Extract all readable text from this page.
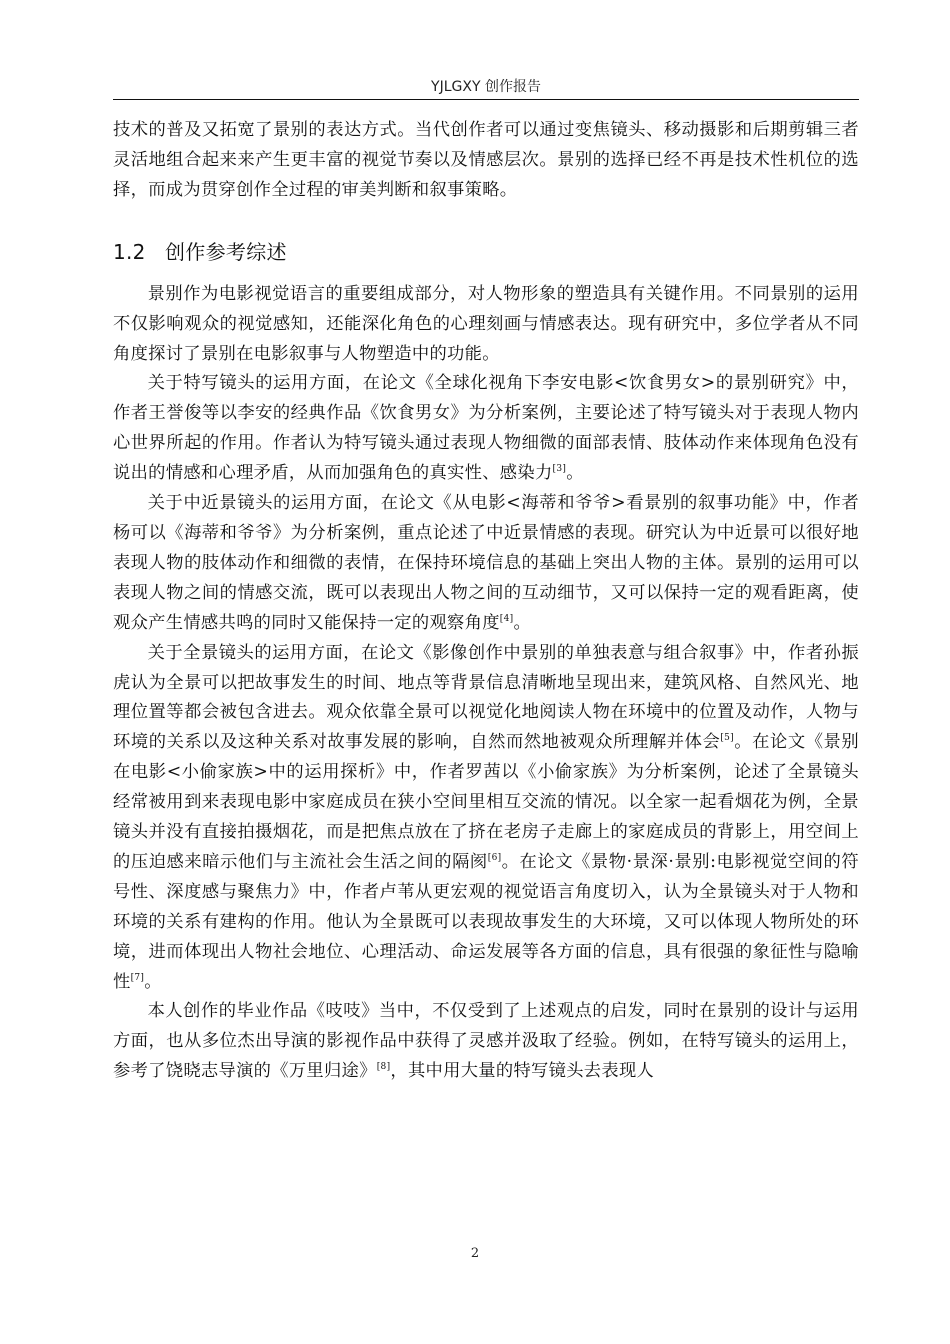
YJLGXY 创作报告

技术的普及又拓宽了景别的表达方式。当代创作者可以通过变焦镜头、移动摄影和后期剪辑三者灵活地组合起来来产生更丰富的视觉节奏以及情感层次。景别的选择已经不再是技术性机位的选择，而成为贯穿创作全过程的审美判断和叙事策略。

1.2 创作参考综述

景别作为电影视觉语言的重要组成部分，对人物形象的塑造具有关键作用。不同景别的运用不仅影响观众的视觉感知，还能深化角色的心理刻画与情感表达。现有研究中，多位学者从不同角度探讨了景别在电影叙事与人物塑造中的功能。

关于特写镜头的运用方面，在论文《全球化视角下李安电影<饮食男女>的景别研究》中，作者王誉俊等以李安的经典作品《饮食男女》为分析案例，主要论述了特写镜头对于表现人物内心世界所起的作用。作者认为特写镜头通过表现人物细微的面部表情、肢体动作来体现角色没有说出的情感和心理矛盾，从而加强角色的真实性、感染力[3]。

关于中近景镜头的运用方面，在论文《从电影<海蒂和爷爷>看景别的叙事功能》中，作者杨可以《海蒂和爷爷》为分析案例，重点论述了中近景情感的表现。研究认为中近景可以很好地表现人物的肢体动作和细微的表情，在保持环境信息的基础上突出人物的主体。景别的运用可以表现人物之间的情感交流，既可以表现出人物之间的互动细节，又可以保持一定的观看距离，使观众产生情感共鸣的同时又能保持一定的观察角度[4]。

关于全景镜头的运用方面，在论文《影像创作中景别的单独表意与组合叙事》中，作者孙振虎认为全景可以把故事发生的时间、地点等背景信息清晰地呈现出来，建筑风格、自然风光、地理位置等都会被包含进去。观众依靠全景可以视觉化地阅读人物在环境中的位置及动作，人物与环境的关系以及这种关系对故事发展的影响，自然而然地被观众所理解并体会[5]。在论文《景别在电影<小偷家族>中的运用探析》中，作者罗茜以《小偷家族》为分析案例，论述了全景镜头经常被用到来表现电影中家庭成员在狭小空间里相互交流的情况。以全家一起看烟花为例，全景镜头并没有直接拍摄烟花，而是把焦点放在了挤在老房子走廊上的家庭成员的背影上，用空间上的压迫感来暗示他们与主流社会生活之间的隔阂[6]。在论文《景物·景深·景别:电影视觉空间的符号性、深度感与聚焦力》中，作者卢苇从更宏观的视觉语言角度切入，认为全景镜头对于人物和环境的关系有建构的作用。他认为全景既可以表现故事发生的大环境，又可以体现人物所处的环境，进而体现出人物社会地位、心理活动、命运发展等各方面的信息，具有很强的象征性与隐喻性[7]。

本人创作的毕业作品《吱吱》当中，不仅受到了上述观点的启发，同时在景别的设计与运用方面，也从多位杰出导演的影视作品中获得了灵感并汲取了经验。例如，在特写镜头的运用上，参考了饶晓志导演的《万里归途》[8]，其中用大量的特写镜头去表现人

2
